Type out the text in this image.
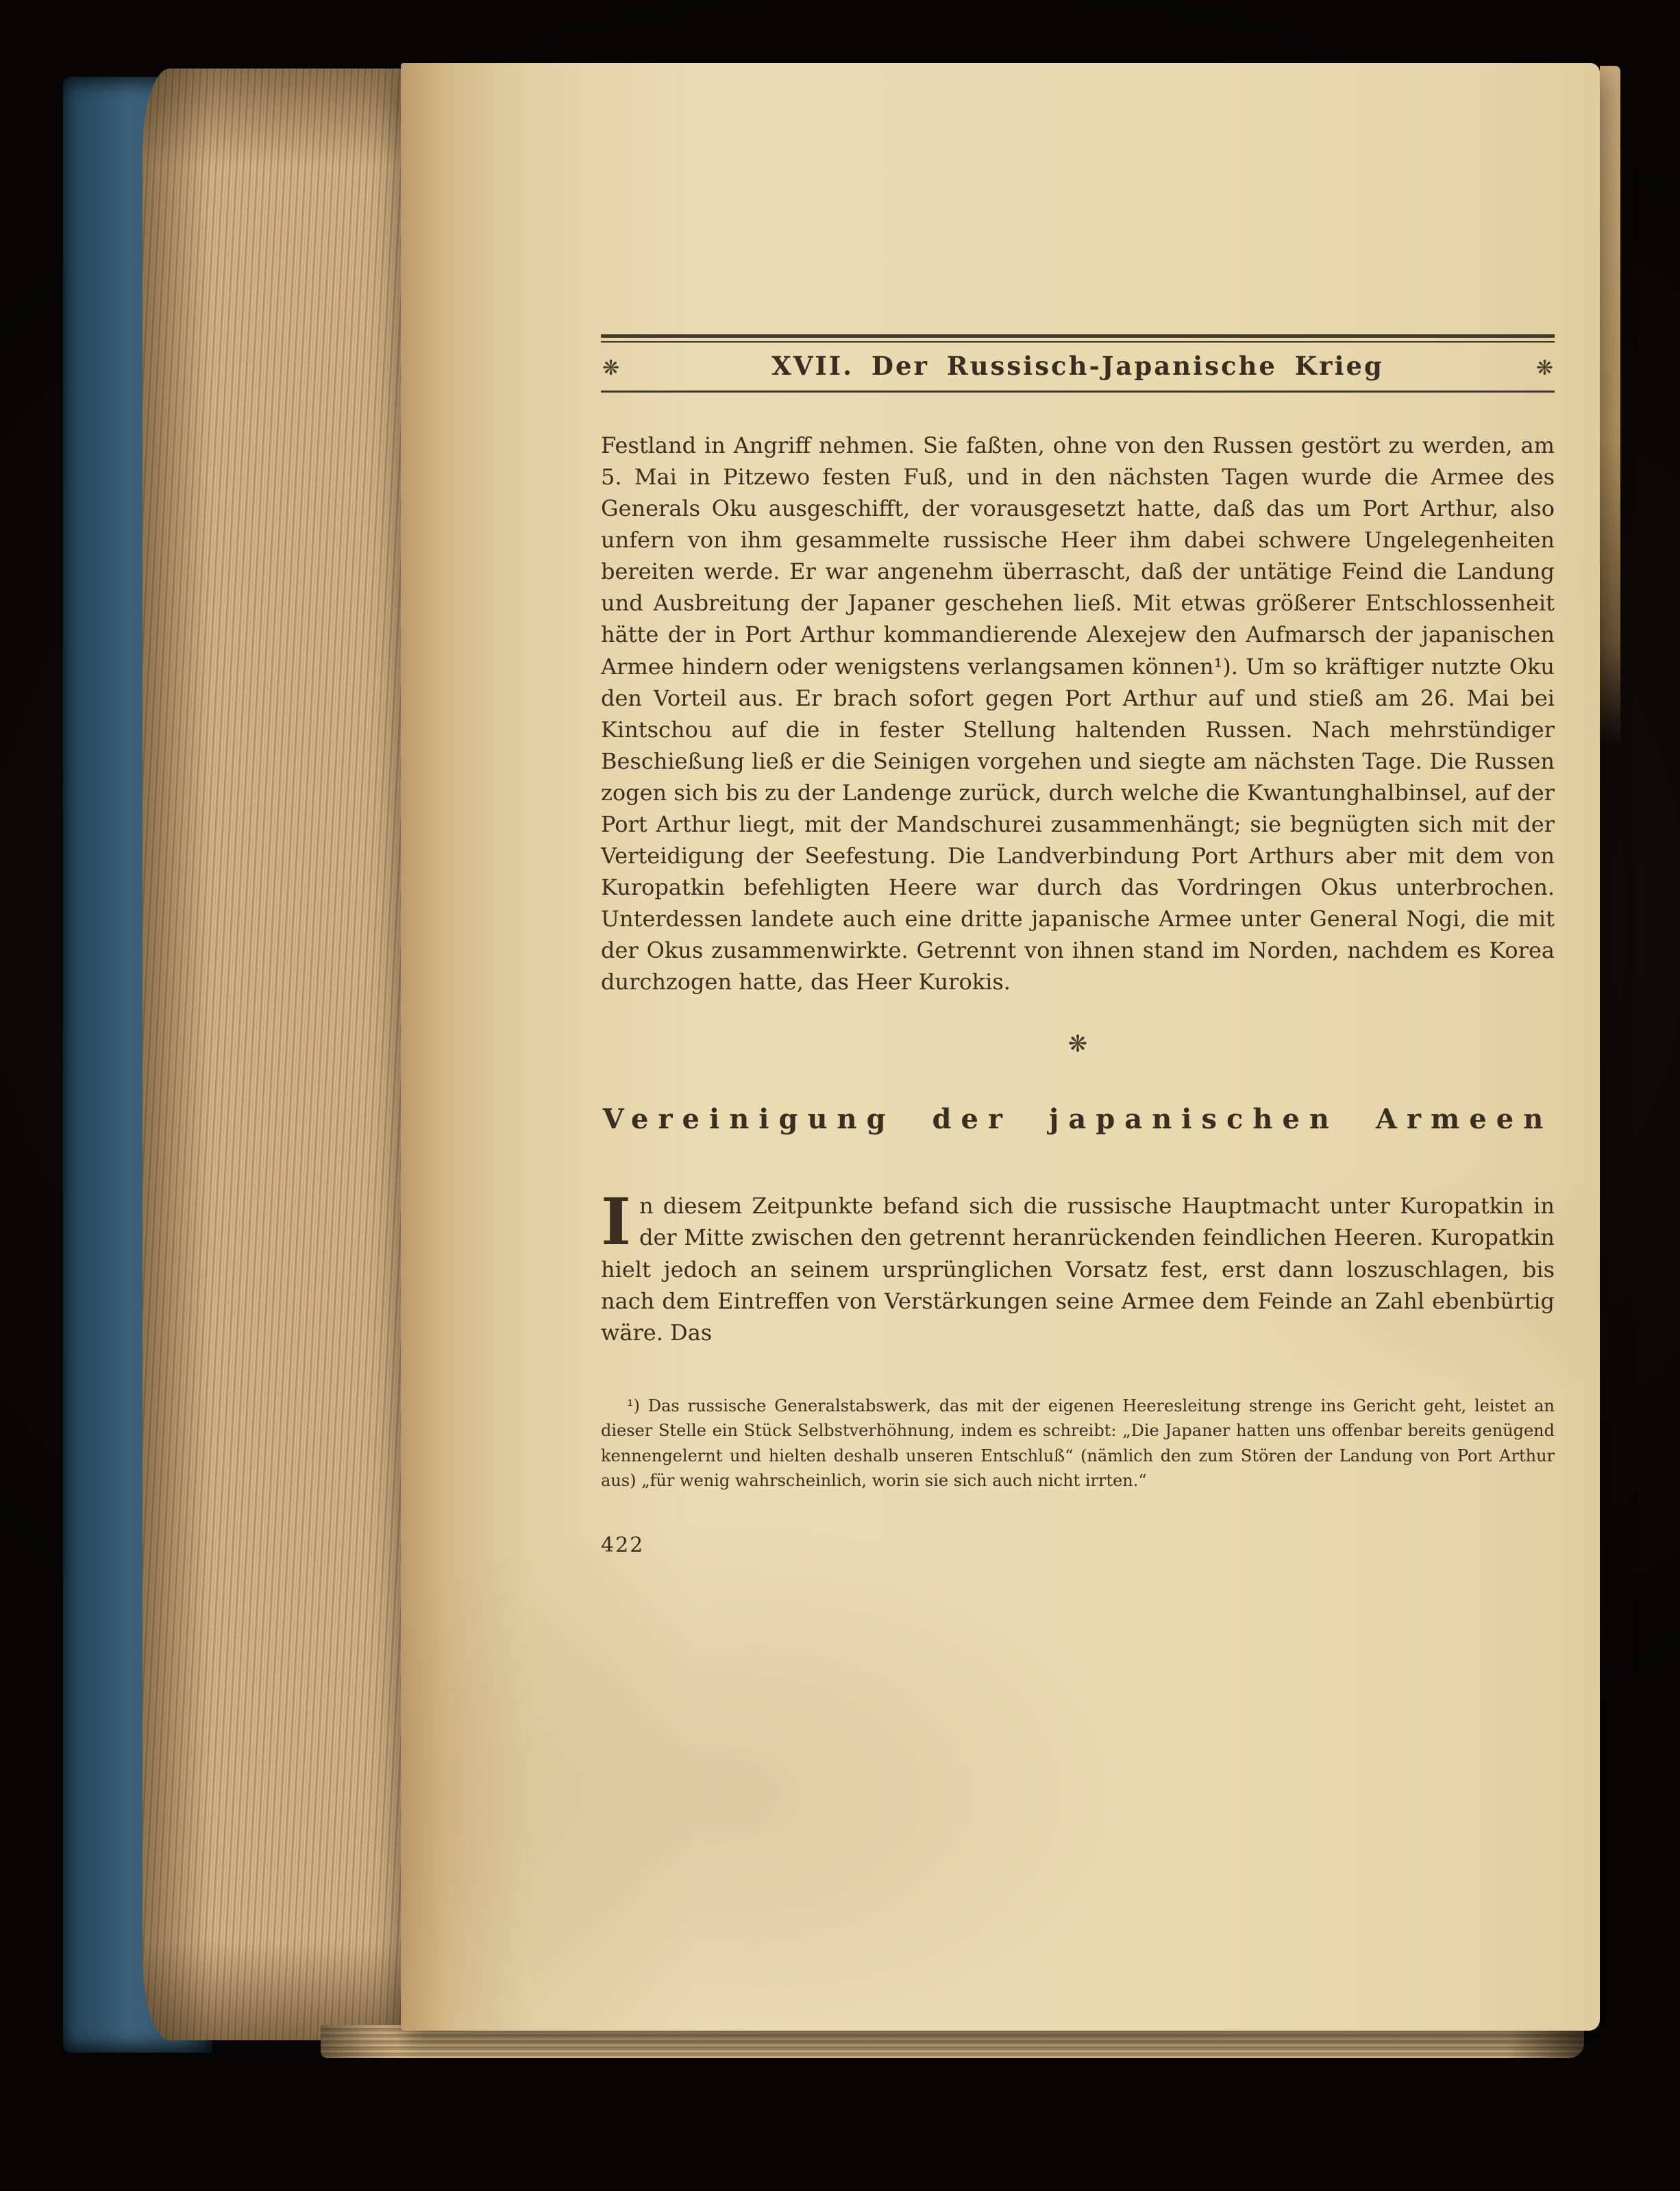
❋	XVII. Der Russisch-Japanische Krieg	❋

Festland in Angriff nehmen. Sie faßten, ohne von den Russen gestört zu werden, am 5. Mai in Pitzewo festen Fuß, und in den nächsten Tagen wurde die Armee des Generals Oku ausgeschifft, der vorausgesetzt hatte, daß das um Port Arthur, also unfern von ihm gesammelte russische Heer ihm dabei schwere Ungelegenheiten bereiten werde. Er war angenehm überrascht, daß der untätige Feind die Landung und Ausbreitung der Japaner geschehen ließ. Mit etwas größerer Entschlossenheit hätte der in Port Arthur kommandierende Alexejew den Aufmarsch der japanischen Armee hindern oder wenigstens verlangsamen können¹). Um so kräftiger nutzte Oku den Vorteil aus. Er brach sofort gegen Port Arthur auf und stieß am 26. Mai bei Kintschou auf die in fester Stellung haltenden Russen. Nach mehrstündiger Beschießung ließ er die Seinigen vorgehen und siegte am nächsten Tage. Die Russen zogen sich bis zu der Landenge zurück, durch welche die Kwantunghalbinsel, auf der Port Arthur liegt, mit der Mandschurei zusammenhängt; sie begnügten sich mit der Verteidigung der Seefestung. Die Landverbindung Port Arthurs aber mit dem von Kuropatkin befehligten Heere war durch das Vordringen Okus unterbrochen. Unterdessen landete auch eine dritte japanische Armee unter General Nogi, die mit der Okus zusammenwirkte. Getrennt von ihnen stand im Norden, nachdem es Korea durchzogen hatte, das Heer Kurokis.

❋
Vereinigung der japanischen Armeen

In diesem Zeitpunkte befand sich die russische Hauptmacht unter Kuropatkin in der Mitte zwischen den getrennt heranrückenden feindlichen Heeren. Kuropatkin hielt jedoch an seinem ursprünglichen Vorsatz fest, erst dann loszuschlagen, bis nach dem Eintreffen von Verstärkungen seine Armee dem Feinde an Zahl ebenbürtig wäre. Das

¹) Das russische Generalstabswerk, das mit der eigenen Heeresleitung strenge ins Gericht geht, leistet an dieser Stelle ein Stück Selbstverhöhnung, indem es schreibt: „Die Japaner hatten uns offenbar bereits genügend kennengelernt und hielten deshalb unseren Entschluß“ (nämlich den zum Stören der Landung von Port Arthur aus) „für wenig wahrscheinlich, worin sie sich auch nicht irrten.“

422
